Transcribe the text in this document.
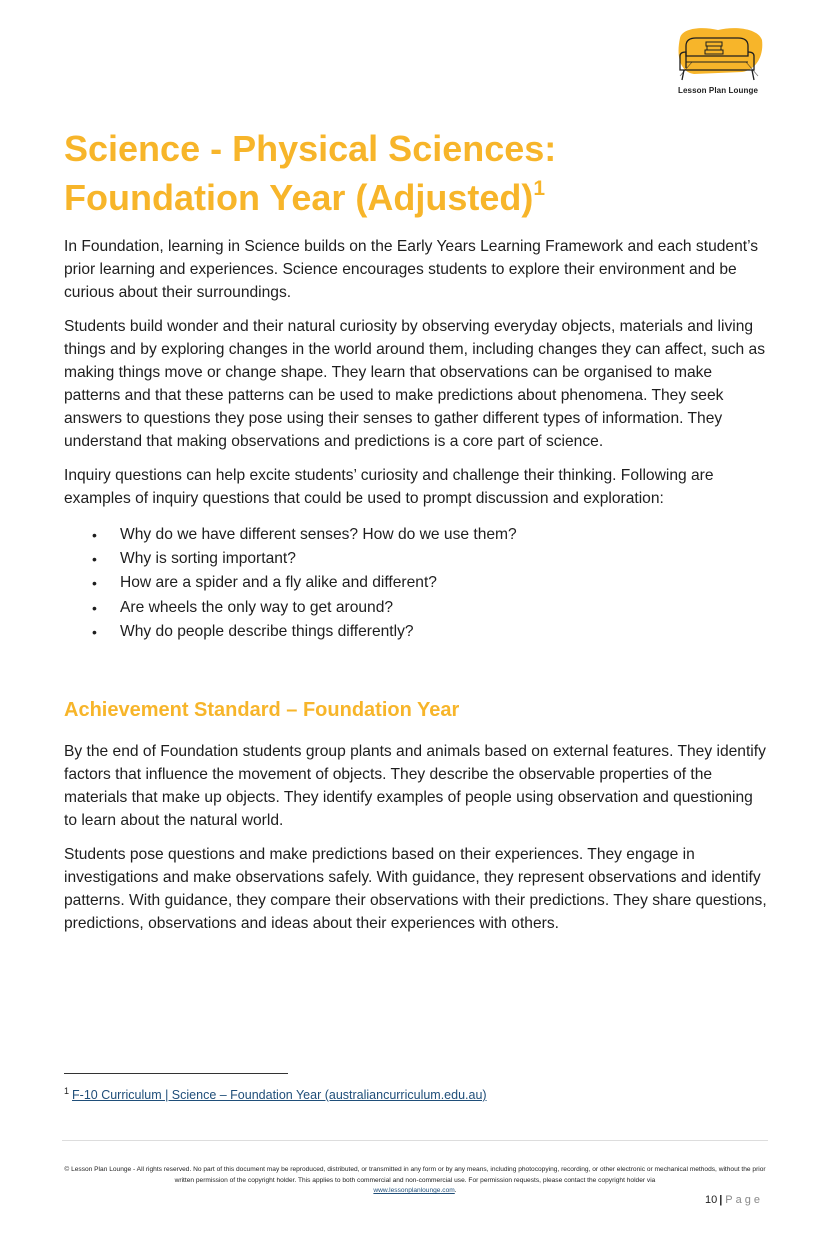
Lesson Plan Lounge
Science - Physical Sciences:
Foundation Year (Adjusted)$^1$

In Foundation, learning in Science builds on the Early Years Learning Framework and each student’s prior learning and experiences. Science encourages students to explore their environment and be curious about their surroundings.

Students build wonder and their natural curiosity by observing everyday objects, materials and living things and by exploring changes in the world around them, including changes they can affect, such as making things move or change shape. They learn that observations can be organised to make patterns and that these patterns can be used to make predictions about phenomena. They seek answers to questions they pose using their senses to gather different types of information. They understand that making observations and predictions is a core part of science.

Inquiry questions can help excite students’ curiosity and challenge their thinking. Following are examples of inquiry questions that could be used to prompt discussion and exploration:

• Why do we have different senses? How do we use them?
• Why is sorting important?
• How are a spider and a fly alike and different?
• Are wheels the only way to get around?
• Why do people describe things differently?
Achievement Standard – Foundation Year

By the end of Foundation students group plants and animals based on external features. They identify factors that influence the movement of objects. They describe the observable properties of the materials that make up objects. They identify examples of people using observation and questioning to learn about the natural world.

Students pose questions and make predictions based on their experiences. They engage in investigations and make observations safely. With guidance, they represent observations and identify patterns. With guidance, they compare their observations with their predictions. They share questions, predictions, observations and ideas about their experiences with others.

$^1$ F-10 Curriculum | Science – Foundation Year (australiancurriculum.edu.au)
© Lesson Plan Lounge - All rights reserved. No part of this document may be reproduced, distributed, or transmitted in any form or by any means, including photocopying, recording, or other electronic or mechanical methods, without the prior written permission of the copyright holder. This applies to both commercial and non-commercial use. For permission requests, please contact the copyright holder via
www.lessonplanlounge.com.
10 | Page
